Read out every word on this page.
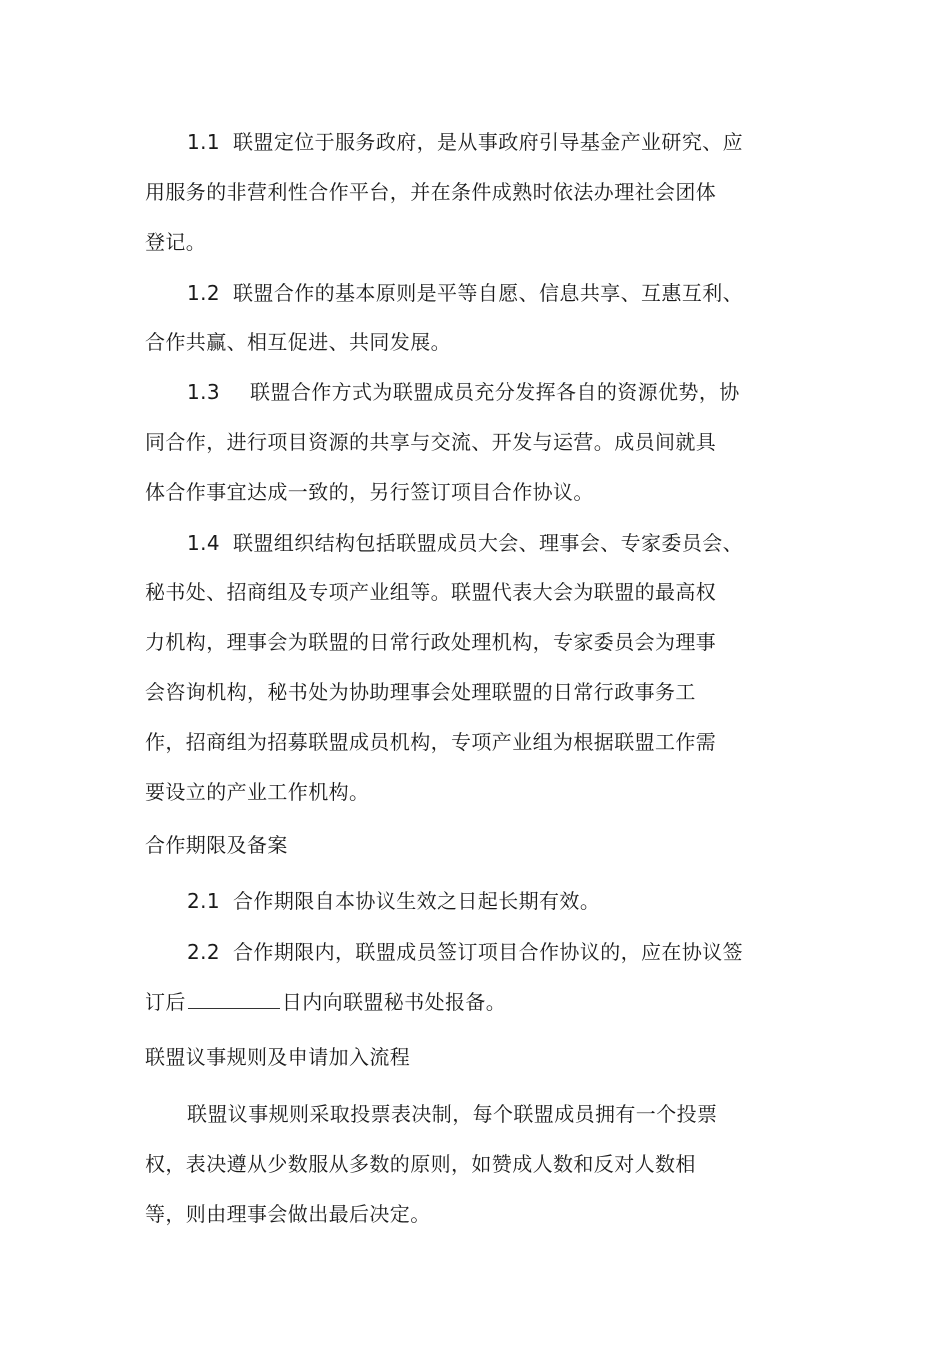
1.1 联盟定位于服务政府，是从事政府引导基金产业研究、应
用服务的非营利性合作平台，并在条件成熟时依法办理社会团体
登记。
1.2 联盟合作的基本原则是平等自愿、信息共享、互惠互利、
合作共赢、相互促进、共同发展。
1.3 联盟合作方式为联盟成员充分发挥各自的资源优势，协
同合作，进行项目资源的共享与交流、开发与运营。成员间就具
体合作事宜达成一致的，另行签订项目合作协议。
1.4 联盟组织结构包括联盟成员大会、理事会、专家委员会、
秘书处、招商组及专项产业组等。联盟代表大会为联盟的最高权
力机构，理事会为联盟的日常行政处理机构，专家委员会为理事
会咨询机构，秘书处为协助理事会处理联盟的日常行政事务工
作，招商组为招募联盟成员机构，专项产业组为根据联盟工作需
要设立的产业工作机构。
合作期限及备案
2.1 合作期限自本协议生效之日起长期有效。
2.2 合作期限内，联盟成员签订项目合作协议的，应在协议签
订后	日内向联盟秘书处报备。
联盟议事规则及申请加入流程
联盟议事规则采取投票表决制，每个联盟成员拥有一个投票
权，表决遵从少数服从多数的原则，如赞成人数和反对人数相
等，则由理事会做出最后决定。
